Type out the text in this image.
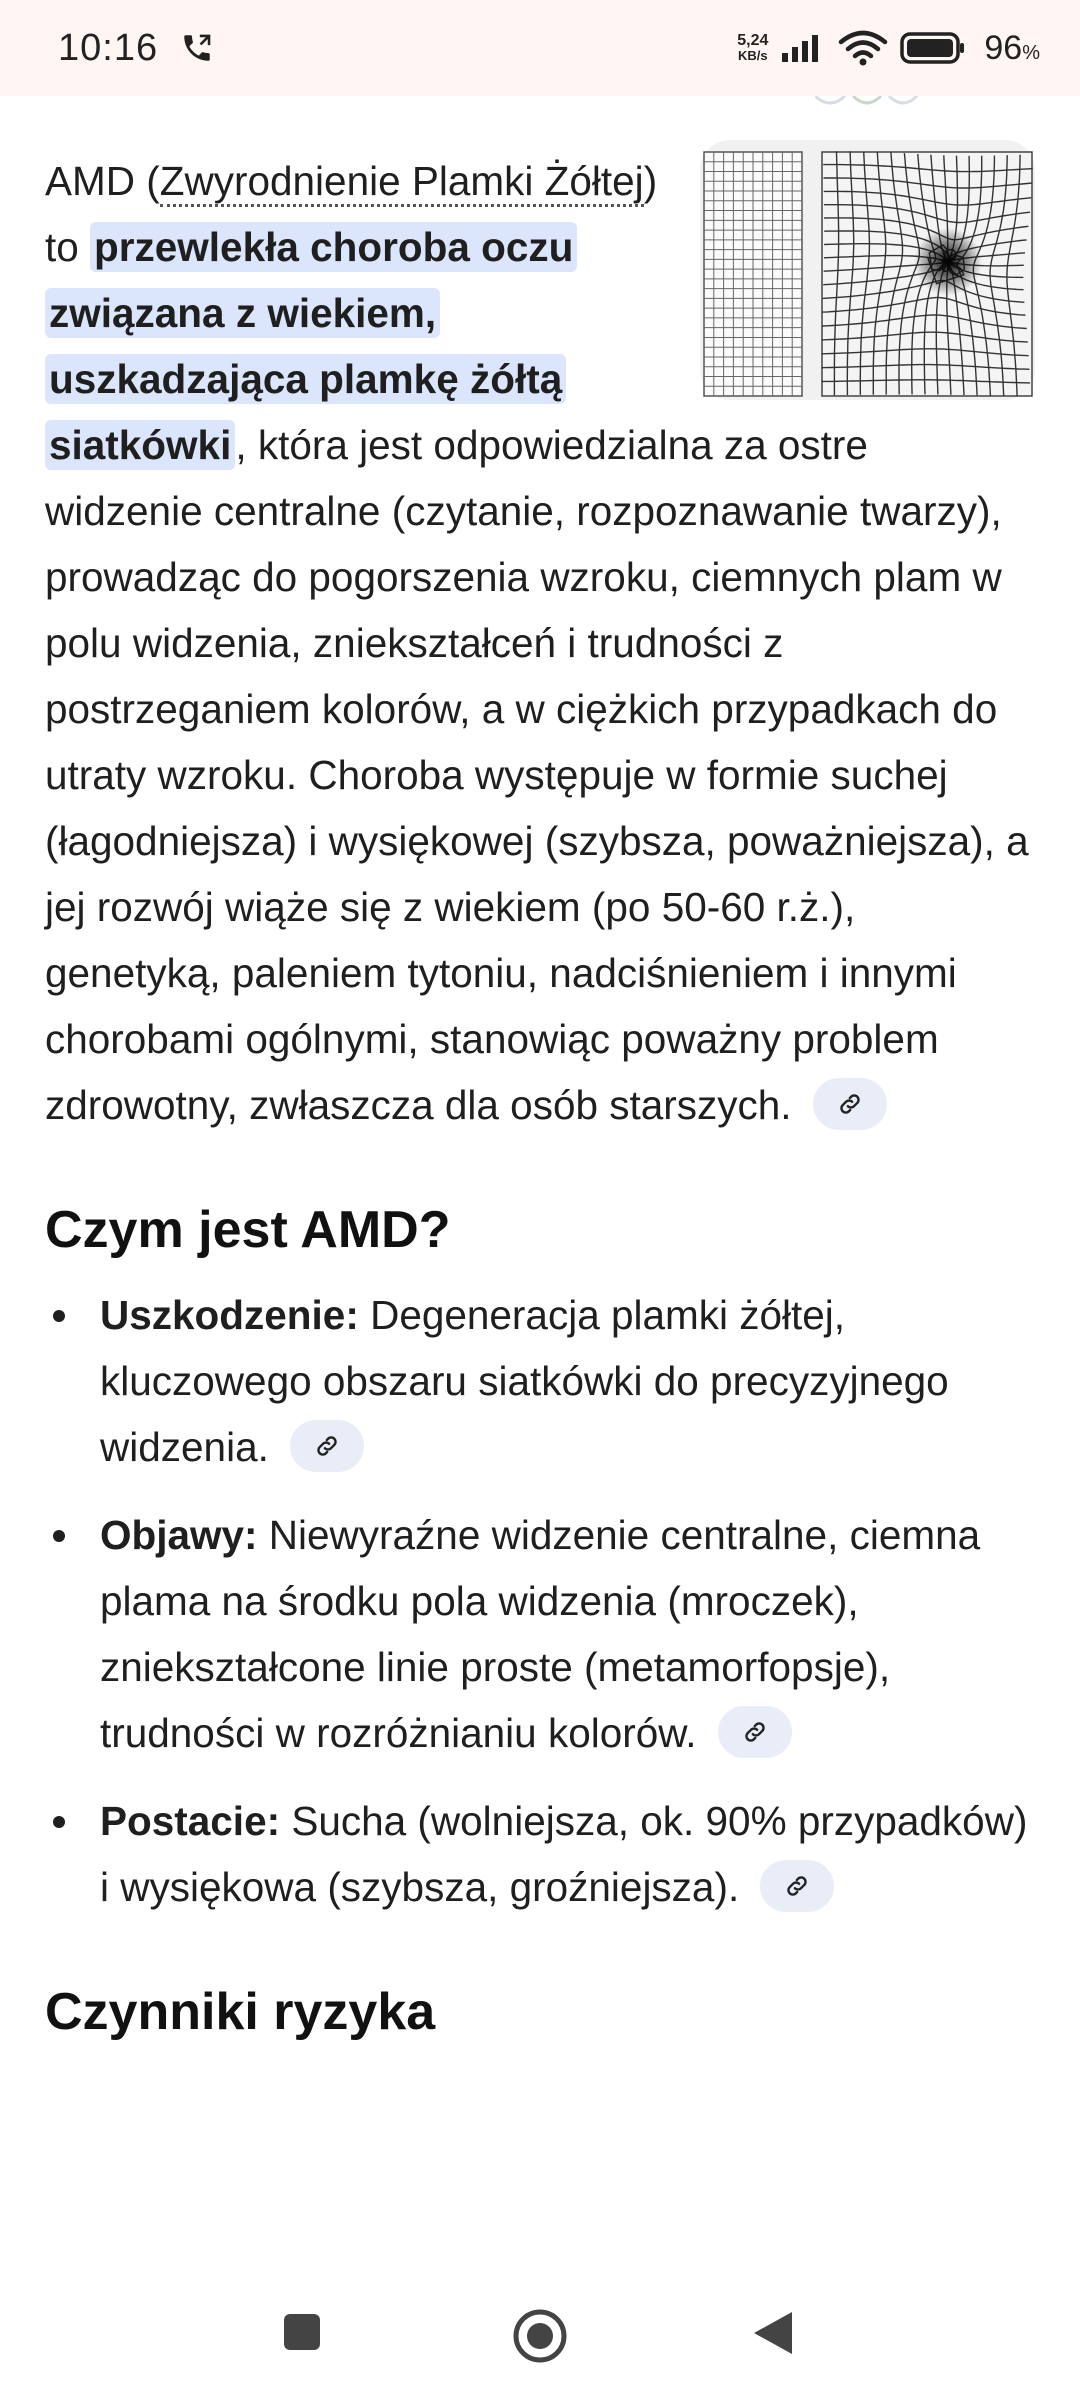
10:16	5,24
KB/s	96%
AMD (Zwyrodnienie Plamki Żółtej) to przewlekła choroba oczu związana z wiekiem, uszkadzająca plamkę żółtą siatkówki, która jest odpowiedzialna za ostre widzenie centralne (czytanie, rozpoznawanie twarzy), prowadząc do pogorszenia wzroku, ciemnych plam w polu widzenia, zniekształceń i trudności z postrzeganiem kolorów, a w ciężkich przypadkach do utraty wzroku. Choroba występuje w formie suchej (łagodniejsza) i wysiękowej (szybsza, poważniejsza), a jej rozwój wiąże się z wiekiem (po 50-60 r.ż.), genetyką, paleniem tytoniu, nadciśnieniem i innymi chorobami ogólnymi, stanowiąc poważny problem zdrowotny, zwłaszcza dla osób starszych.
Czym jest AMD?
Uszkodzenie: Degeneracja plamki żółtej, kluczowego obszaru siatkówki do precyzyjnego widzenia.
Objawy: Niewyraźne widzenie centralne, ciemna plama na środku pola widzenia (mroczek), zniekształcone linie proste (metamorfopsje), trudności w rozróżnianiu kolorów.
Postacie: Sucha (wolniejsza, ok. 90% przypadków) i wysiękowa (szybsza, groźniejsza).
Czynniki ryzyka
